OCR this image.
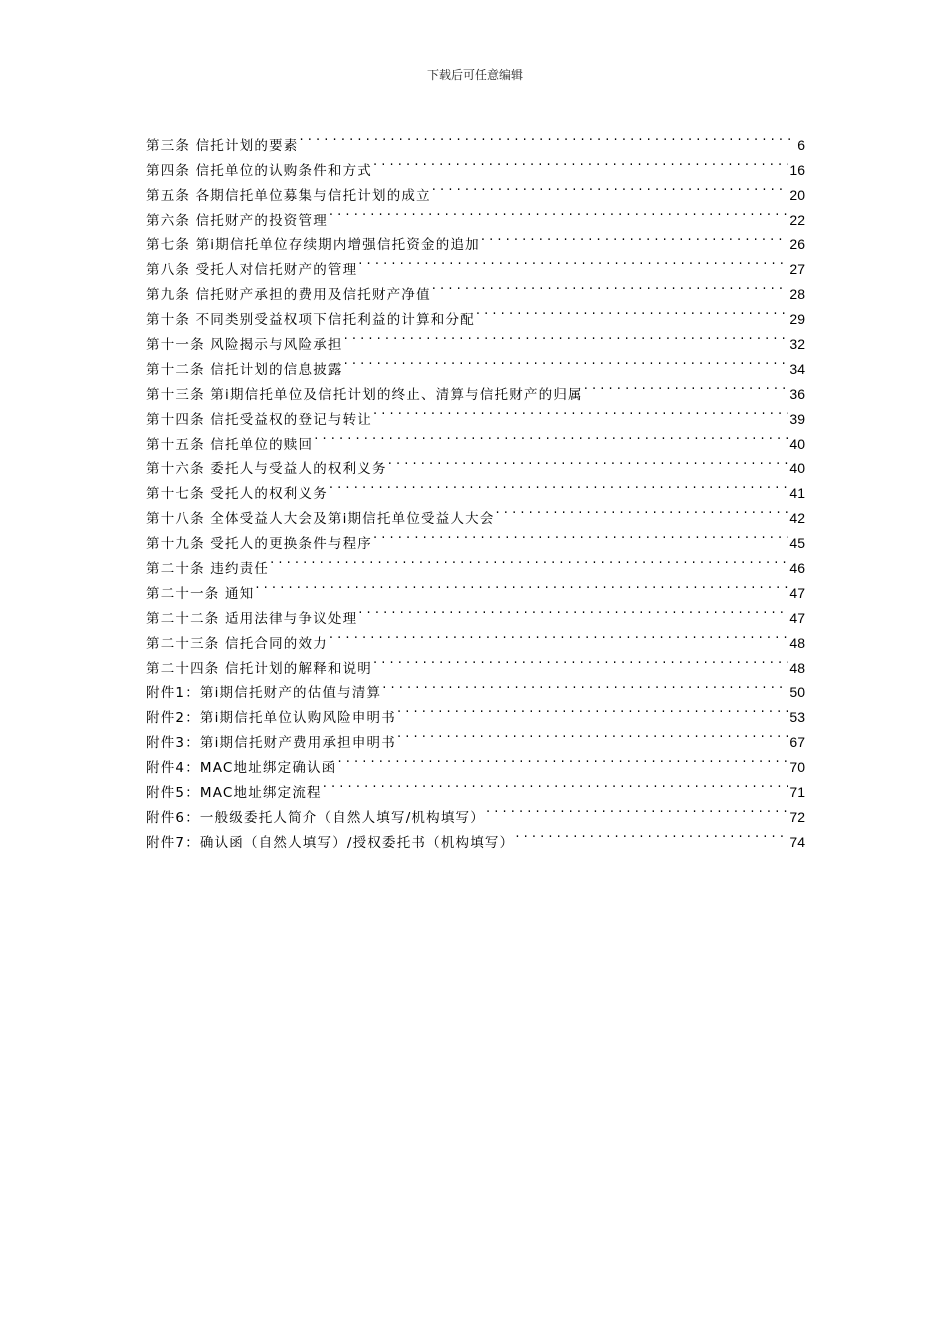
下载后可任意编辑
第三条 信托计划的要素 . . .	6
第四条 信托单位的认购条件和方式 . . .	16
第五条 各期信托单位募集与信托计划的成立 . . .	20
第六条 信托财产的投资管理 . . .	22
第七条 第i期信托单位存续期内增强信托资金的追加 . . .	26
第八条 受托人对信托财产的管理 . . .	27
第九条 信托财产承担的费用及信托财产净值 . . .	28
第十条 不同类别受益权项下信托利益的计算和分配 . . .	29
第十一条 风险揭示与风险承担 . . .	32
第十二条 信托计划的信息披露 . . .	34
第十三条 第i期信托单位及信托计划的终止、清算与信托财产的归属 . . .	36
第十四条 信托受益权的登记与转让 . . .	39
第十五条 信托单位的赎回 . . .	40
第十六条 委托人与受益人的权利义务 . . .	40
第十七条 受托人的权利义务 . . .	41
第十八条 全体受益人大会及第i期信托单位受益人大会 . . .	42
第十九条 受托人的更换条件与程序 . . .	45
第二十条 违约责任 . . .	46
第二十一条 通知 . . .	47
第二十二条 适用法律与争议处理 . . .	47
第二十三条 信托合同的效力 . . .	48
第二十四条 信托计划的解释和说明 . . .	48
附件1：第i期信托财产的估值与清算 . . .	50
附件2：第i期信托单位认购风险申明书 . . .	53
附件3：第i期信托财产费用承担申明书 . . .	67
附件4：MAC地址绑定确认函 . . .	70
附件5：MAC地址绑定流程 . . .	71
附件6：一般级委托人简介（自然人填写/机构填写） . . .	72
附件7：确认函（自然人填写）/授权委托书（机构填写） . . .	74
